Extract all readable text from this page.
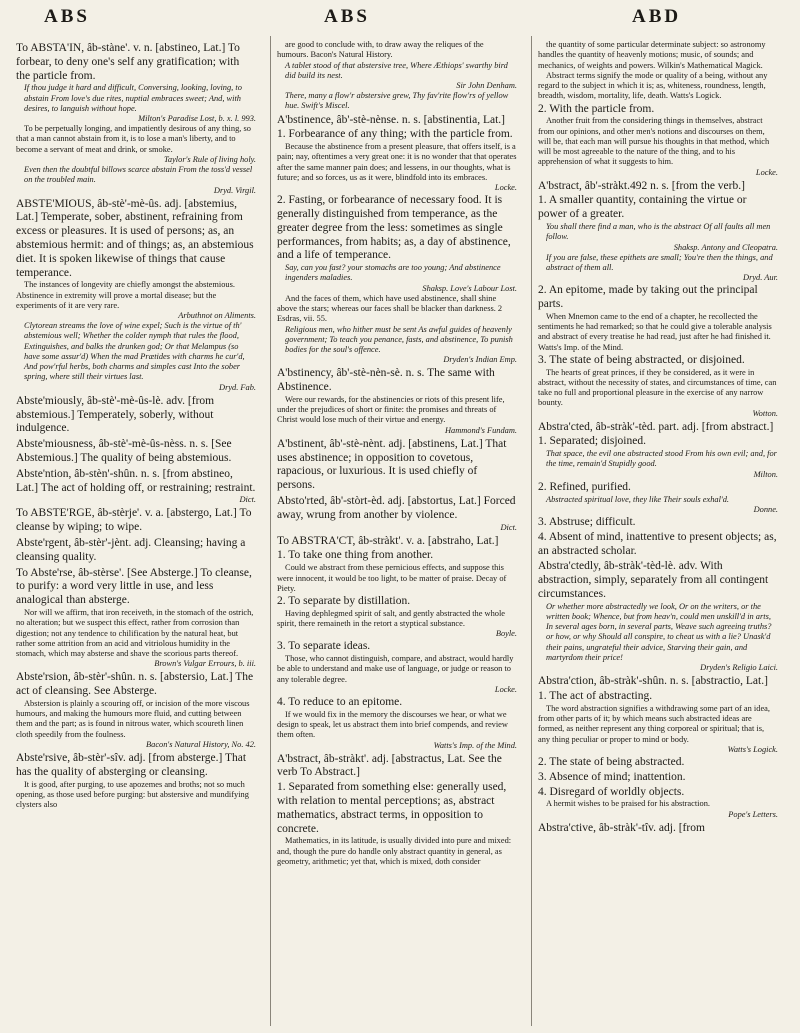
ABS	ABS	ABD

To ABSTA'IN, âb-stàne'. v. n. [abstineo, Lat.] To forbear, to deny one's self any gratification; with the particle from.

If thou judge it hard and difficult, Conversing, looking, loving, to abstain From love's due rites, nuptial embraces sweet; And, with desires, to languish without hope.

Milton's Paradise Lost, b. x. l. 993.

To be perpetually longing, and impatiently desirous of any thing, so that a man cannot abstain from it, is to lose a man's liberty, and to become a servant of meat and drink, or smoke.

Taylor's Rule of living holy.

Even then the doubtful billows scarce abstain From the toss'd vessel on the troubled main.

Dryd. Virgil.

ABSTE'MIOUS, âb-stè'-mè-ûs. adj. [abstemius, Lat.] Temperate, sober, abstinent, refraining from excess or pleasures. It is used of persons; as, an abstemious hermit: and of things; as, an abstemious diet. It is spoken likewise of things that cause temperance.

The instances of longevity are chiefly amongst the abstemious. Abstinence in extremity will prove a mortal disease; but the experiments of it are very rare.

Arbuthnot on Aliments.

Clytorean streams the love of wine expel; Such is the virtue of th' abstemious well; Whether the colder nymph that rules the flood, Extinguishes, and balks the drunken god; Or that Melampus (so have some assur'd) When the mad Prætides with charms he cur'd, And pow'rful herbs, both charms and simples cast Into the sober spring, where still their virtues last.

Dryd. Fab.

Abste'miously, âb-stè'-mè-ûs-lè. adv. [from abstemious.] Temperately, soberly, without indulgence.

Abste'miousness, âb-stè'-mè-ûs-nèss. n. s. [See Abstemious.] The quality of being abstemious.

Abste'ntion, âb-stèn'-shûn. n. s. [from abstineo, Lat.] The act of holding off, or restraining; restraint.

Dict.

To ABSTE'RGE, âb-stèrje'. v. a. [abstergo, Lat.] To cleanse by wiping; to wipe.

Abste'rgent, âb-stèr'-jènt. adj. Cleansing; having a cleansing quality.

To Abste'rse, âb-stèrse'. [See Absterge.] To cleanse, to purify: a word very little in use, and less analogical than absterge.

Nor will we affirm, that iron receiveth, in the stomach of the ostrich, no alteration; but we suspect this effect, rather from corrosion than digestion; not any tendence to chilification by the natural heat, but rather some attrition from an acid and vitriolous humidity in the stomach, which may absterse and shave the scorious parts thereof.

Brown's Vulgar Errours, b. iii.

Abste'rsion, âb-stèr'-shûn. n. s. [abstersio, Lat.] The act of cleansing. See Absterge.

Abstersion is plainly a scouring off, or incision of the more viscous humours, and making the humours more fluid, and cutting between them and the part; as is found in nitrous water, which scoureth linen cloth speedily from the foulness.

Bacon's Natural History, No. 42.

Abste'rsive, âb-stèr'-sîv. adj. [from absterge.] That has the quality of absterging or cleansing.

It is good, after purging, to use apozemes and broths; not so much opening, as those used before purging: but abstersive and mundifying clysters also

are good to conclude with, to draw away the reliques of the humours. Bacon's Natural History.

A tablet stood of that abstersive tree, Where Æthiops' swarthy bird did build its nest.

Sir John Denham.

There, many a flow'r abstersive grew, Thy fav'rite flow'rs of yellow hue. Swift's Miscel.

A'bstinence, âb'-stè-nènse. n. s. [abstinentia, Lat.]

1. Forbearance of any thing; with the particle from.

Because the abstinence from a present pleasure, that offers itself, is a pain; nay, oftentimes a very great one: it is no wonder that that operates after the same manner pain does; and lessens, in our thoughts, what is future; and so forces, us as it were, blindfold into its embraces.

Locke.

2. Fasting, or forbearance of necessary food. It is generally distinguished from temperance, as the greater degree from the less: sometimes as single performances, from habits; as, a day of abstinence, and a life of temperance.

Say, can you fast? your stomachs are too young; And abstinence ingenders maladies.

Shaksp. Love's Labour Lost.

And the faces of them, which have used abstinence, shall shine above the stars; whereas our faces shall be blacker than darkness. 2 Esdras, vii. 55.

Religious men, who hither must be sent As awful guides of heavenly government; To teach you penance, fasts, and abstinence, To punish bodies for the soul's offence.

Dryden's Indian Emp.

A'bstinency, âb'-stè-nèn-sè. n. s. The same with Abstinence.

Were our rewards, for the abstinencies or riots of this present life, under the prejudices of short or finite: the promises and threats of Christ would lose much of their virtue and energy.

Hammond's Fundam.

A'bstinent, âb'-stè-nènt. adj. [abstinens, Lat.] That uses abstinence; in opposition to covetous, rapacious, or luxurious. It is used chiefly of persons.

Absto'rted, âb'-stòrt-èd. adj. [abstortus, Lat.] Forced away, wrung from another by violence.

Dict.

To ABSTRA'CT, âb-stràkt'. v. a. [abstraho, Lat.]

1. To take one thing from another.

Could we abstract from these pernicious effects, and suppose this were innocent, it would be too light, to be matter of praise. Decay of Piety.

2. To separate by distillation.

Having dephlegmed spirit of salt, and gently abstracted the whole spirit, there remaineth in the retort a styptical substance.

Boyle.

3. To separate ideas.

Those, who cannot distinguish, compare, and abstract, would hardly be able to understand and make use of language, or judge or reason to any tolerable degree.

Locke.

4. To reduce to an epitome.

If we would fix in the memory the discourses we hear, or what we design to speak, let us abstract them into brief compends, and review them often.

Watts's Imp. of the Mind.

A'bstract, âb-stràkt'. adj. [abstractus, Lat. See the verb To Abstract.]

1. Separated from something else: generally used, with relation to mental perceptions; as, abstract mathematics, abstract terms, in opposition to concrete.

Mathematics, in its latitude, is usually divided into pure and mixed: and, though the pure do handle only abstract quantity in general, as geometry, arithmetic; yet that, which is mixed, doth consider

the quantity of some particular determinate subject: so astronomy handles the quantity of heavenly motions; music, of sounds; and mechanics, of weights and powers. Wilkin's Mathematical Magick.

Abstract terms signify the mode or quality of a being, without any regard to the subject in which it is; as, whiteness, roundness, length, breadth, wisdom, mortality, life, death. Watts's Logick.

2. With the particle from.

Another fruit from the considering things in themselves, abstract from our opinions, and other men's notions and discourses on them, will be, that each man will pursue his thoughts in that method, which will be most agreeable to the nature of the thing, and to his apprehension of what it suggests to him.

Locke.

A'bstract, âb'-stràkt.492 n. s. [from the verb.]

1. A smaller quantity, containing the virtue or power of a greater.

You shall there find a man, who is the abstract Of all faults all men follow.

Shaksp. Antony and Cleopatra.

If you are false, these epithets are small; You're then the things, and abstract of them all.

Dryd. Aur.

2. An epitome, made by taking out the principal parts.

When Mnemon came to the end of a chapter, he recollected the sentiments he had remarked; so that he could give a tolerable analysis and abstract of every treatise he had read, just after he had finished it. Watts's Imp. of the Mind.

3. The state of being abstracted, or disjoined.

The hearts of great princes, if they be considered, as it were in abstract, without the necessity of states, and circumstances of time, can take no full and proportional pleasure in the exercise of any narrow bounty.

Wotton.

Abstra'cted, âb-stràk'-tèd. part. adj. [from abstract.]

1. Separated; disjoined.

That space, the evil one abstracted stood From his own evil; and, for the time, remain'd Stupidly good.

Milton.

2. Refined, purified.

Abstracted spiritual love, they like Their souls exhal'd.

Donne.

3. Abstruse; difficult.

4. Absent of mind, inattentive to present objects; as, an abstracted scholar.

Abstra'ctedly, âb-stràk'-tèd-lè. adv. With abstraction, simply, separately from all contingent circumstances.

Or whether more abstractedly we look, Or on the writers, or the written book; Whence, but from heav'n, could men unskill'd in arts, In several ages born, in several parts, Weave such agreeing truths? or how, or why Should all conspire, to cheat us with a lie? Unask'd their pains, ungrateful their advice, Starving their gain, and martyrdom their price!

Dryden's Religio Laici.

Abstra'ction, âb-stràk'-shûn. n. s. [abstractio, Lat.]

1. The act of abstracting.

The word abstraction signifies a withdrawing some part of an idea, from other parts of it; by which means such abstracted ideas are formed, as neither represent any thing corporeal or spiritual; that is, any thing peculiar or proper to mind or body.

Watts's Logick.

2. The state of being abstracted.

3. Absence of mind; inattention.

4. Disregard of worldly objects.

A hermit wishes to be praised for his abstraction.

Pope's Letters.

Abstra'ctive, âb-stràk'-tîv. adj. [from
